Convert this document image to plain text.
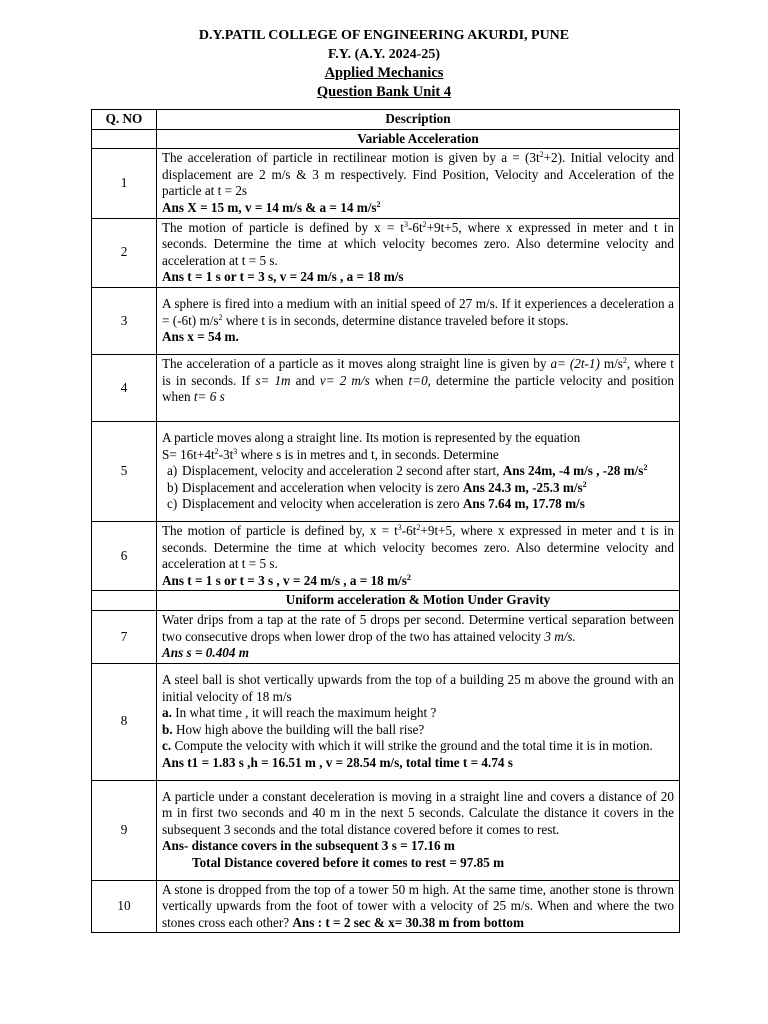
D.Y.PATIL COLLEGE OF ENGINEERING AKURDI, PUNE
F.Y. (A.Y. 2024-25)
Applied Mechanics
Question Bank Unit 4
Q. NO	Description
	Variable Acceleration
1	The acceleration of particle in rectilinear motion is given by $a = (3t^2+2)$. Initial velocity and displacement are 2 m/s & 3 m respectively. Find Position, Velocity and Acceleration of the particle at t = 2s
Ans X = 15 m, v = 14 m/s & a = 14 $m/s^2$

2	The motion of particle is defined by $x = t^3-6t^2+9t+5$, where x expressed in meter and t in seconds. Determine the time at which velocity becomes zero. Also determine velocity and acceleration at t = 5 s.
Ans t = 1 s or t = 3 s, v = 24 m/s , a = 18 m/s

3	A sphere is fired into a medium with an initial speed of 27 m/s. If it experiences a deceleration a = (-6t) $m/s^2$ where t is in seconds, determine distance traveled before it stops.
Ans x = 54 m.

4	The acceleration of a particle as it moves along straight line is given by a= (2t-1) $m/s^2$, where t is in seconds. If s= 1m and v= 2 m/s when t=0, determine the particle velocity and position when t= 6 s
5	A particle moves along a straight line. Its motion is represented by the equation
$S= 16t+4t^2-3t^3$ where s is in metres and t, in seconds. Determine
a) Displacement, velocity and acceleration 2 second after start, Ans 24m, -4 m/s , -28 $m/s^2$
b) Displacement and acceleration when velocity is zero Ans 24.3 m, -25.3 $m/s^2$
c) Displacement and velocity when acceleration is zero Ans 7.64 m, 17.78 m/s

6	The motion of particle is defined by, $x = t^3-6t^2+9t+5$, where x expressed in meter and t is in seconds. Determine the time at which velocity becomes zero. Also determine velocity and acceleration at t = 5 s.
Ans t = 1 s or t = 3 s , v = 24 m/s , a = 18 $m/s^2$

	Uniform acceleration & Motion Under Gravity
7	Water drips from a tap at the rate of 5 drops per second. Determine vertical separation between two consecutive drops when lower drop of the two has attained velocity 3 m/s.
Ans s = 0.404 m

8	A steel ball is shot vertically upwards from the top of a building 25 m above the ground with an initial velocity of 18 m/s
a. In what time , it will reach the maximum height ?
b. How high above the building will the ball rise?
c. Compute the velocity with which it will strike the ground and the total time it is in motion.
Ans t1 = 1.83 s ,h = 16.51 m , v = 28.54 m/s, total time t = 4.74 s

9	A particle under a constant deceleration is moving in a straight line and covers a distance of 20 m in first two seconds and 40 m in the next 5 seconds. Calculate the distance it covers in the subsequent 3 seconds and the total distance covered before it comes to rest.
Ans- distance covers in the subsequent 3 s = 17.16 m
Total Distance covered before it comes to rest = 97.85 m

10	A stone is dropped from the top of a tower 50 m high. At the same time, another stone is thrown vertically upwards from the foot of tower with a velocity of 25 m/s. When and where the two stones cross each other? Ans : t = 2 sec & x= 30.38 m from bottom
